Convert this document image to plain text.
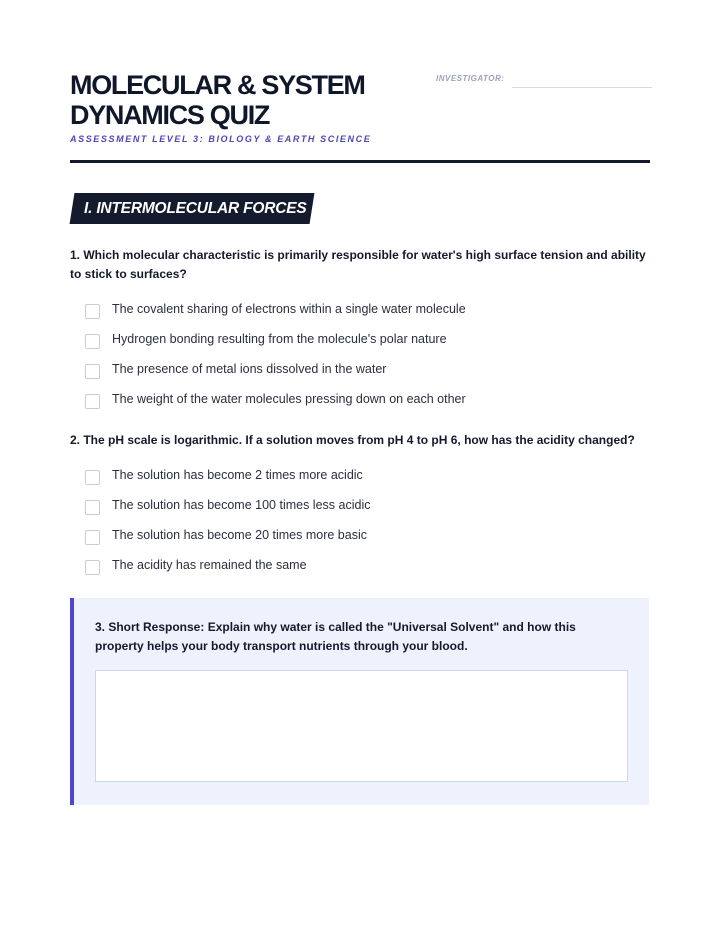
MOLECULAR & SYSTEM
DYNAMICS QUIZ
ASSESSMENT LEVEL 3: BIOLOGY & EARTH SCIENCE
INVESTIGATOR:
I. INTERMOLECULAR FORCES

1. Which molecular characteristic is primarily responsible for water's high surface tension and ability to stick to surfaces?

The covalent sharing of electrons within a single water molecule
Hydrogen bonding resulting from the molecule's polar nature
The presence of metal ions dissolved in the water
The weight of the water molecules pressing down on each other

2. The pH scale is logarithmic. If a solution moves from pH 4 to pH 6, how has the acidity changed?

The solution has become 2 times more acidic
The solution has become 100 times less acidic
The solution has become 20 times more basic
The acidity has remained the same

3. Short Response: Explain why water is called the "Universal Solvent" and how this property helps your body transport nutrients through your blood.
